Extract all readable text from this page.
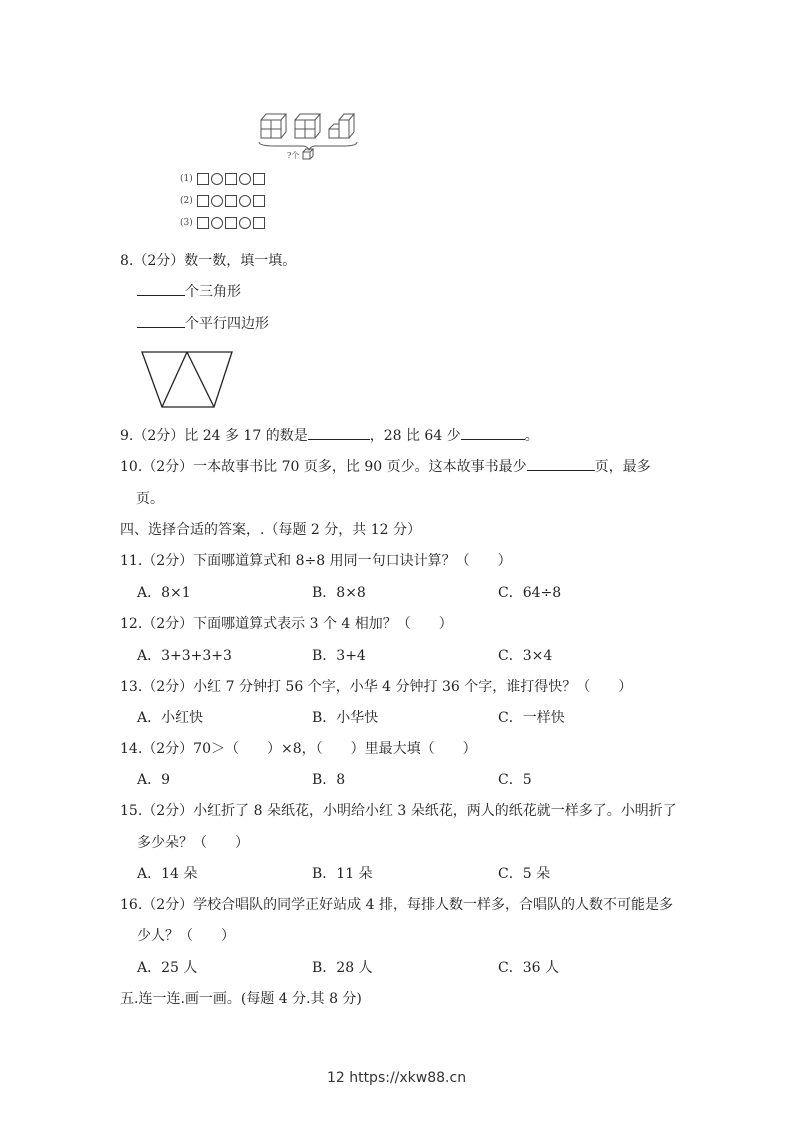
?个
(1)
(2)
(3)
8.（2分）数一数，填一填。
个三角形
个平行四边形
9.（2分）比 24 多 17 的数是	，28 比 64 少	。
10.（2分）一本故事书比 70 页多，比 90 页少。这本故事书最少	页，最多
页。
四、选择合适的答案，.（每题 2 分，共 12 分）
11.（2分）下面哪道算式和 8÷8 用同一句口诀计算？（　　）
A．8×1	B．8×8	C．64÷8
12.（2分）下面哪道算式表示 3 个 4 相加？（　　）
A．3+3+3+3	B．3+4	C．3×4
13.（2分）小红 7 分钟打 56 个字，小华 4 分钟打 36 个字，谁打得快？（　　）
A．小红快	B．小华快	C．一样快
14.（2分）70＞（　　）×8，（　　）里最大填（　　）
A．9	B．8	C．5
15.（2分）小红折了 8 朵纸花，小明给小红 3 朵纸花，两人的纸花就一样多了。小明折了
多少朵？（　　）
A．14 朵	B．11 朵	C．5 朵
16.（2分）学校合唱队的同学正好站成 4 排，每排人数一样多，合唱队的人数不可能是多
少人？（　　）
A．25 人	B．28 人	C．36 人
五.连一连.画一画。(每题 4 分.其 8 分)
12 https://xkw88.cn
